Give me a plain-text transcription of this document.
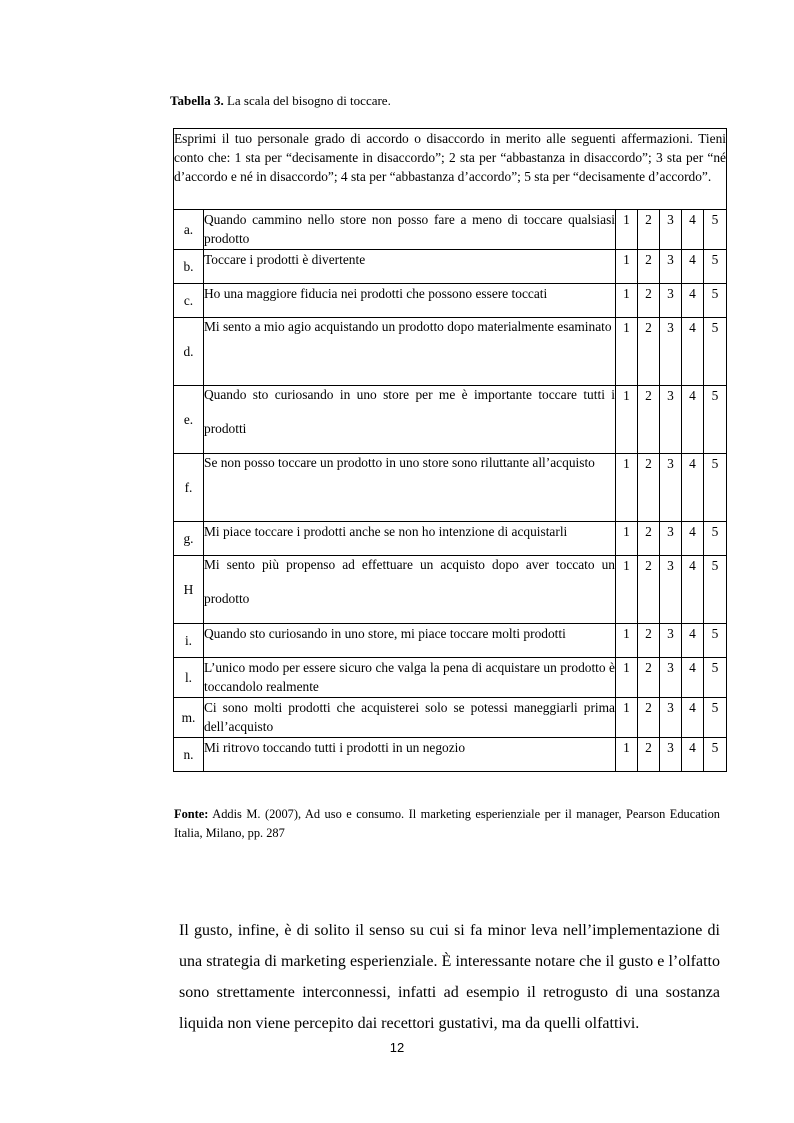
Tabella 3. La scala del bisogno di toccare.
Esprimi il tuo personale grado di accordo o disaccordo in merito alle seguenti affermazioni. Tieni conto che: 1 sta per “decisamente in disaccordo”; 2 sta per “abbastanza in disaccordo”; 3 sta per “né d’accordo e né in disaccordo”; 4 sta per “abbastanza d’accordo”; 5 sta per “decisamente d’accordo”.						
a.	Quando cammino nello store non posso fare a meno di toccare qualsiasi prodotto	1	2	3	4	5
b.	Toccare i prodotti è divertente	1	2	3	4	5
c.	Ho una maggiore fiducia nei prodotti che possono essere toccati	1	2	3	4	5
d.	Mi sento a mio agio acquistando un prodotto dopo materialmente esaminato	1	2	3	4	5
e.	Quando sto curiosando in uno store per me è importante toccare tutti i prodotti	1	2	3	4	5
f.	Se non posso toccare un prodotto in uno store sono riluttante all’acquisto	1	2	3	4	5
g.	Mi piace toccare i prodotti anche se non ho intenzione di acquistarli	1	2	3	4	5
H	Mi sento più propenso ad effettuare un acquisto dopo aver toccato un prodotto	1	2	3	4	5
i.	Quando sto curiosando in uno store, mi piace toccare molti prodotti	1	2	3	4	5
l.	L’unico modo per essere sicuro che valga la pena di acquistare un prodotto è toccandolo realmente	1	2	3	4	5
m.	Ci sono molti prodotti che acquisterei solo se potessi maneggiarli prima dell’acquisto	1	2	3	4	5
n.	Mi ritrovo toccando tutti i prodotti in un negozio	1	2	3	4	5
Fonte: Addis M. (2007), Ad uso e consumo. Il marketing esperienziale per il manager, Pearson Education Italia, Milano, pp. 287
Il gusto, infine, è di solito il senso su cui si fa minor leva nell’implementazione di una strategia di marketing esperienziale. È interessante notare che il gusto e l’olfatto sono strettamente interconnessi, infatti ad esempio il retrogusto di una sostanza liquida non viene percepito dai recettori gustativi, ma da quelli olfattivi.
12
